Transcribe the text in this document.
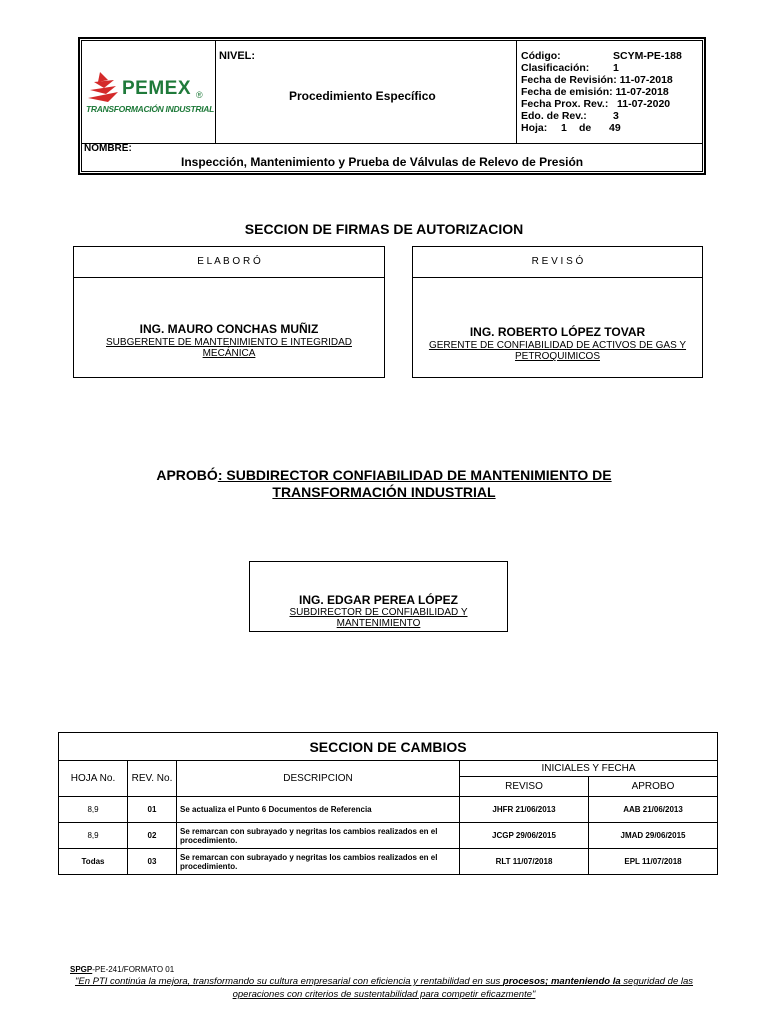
PEMEX ®
TRANSFORMACIÓN INDUSTRIAL
NIVEL:
Procedimiento Específico
Código:	SCYM-PE-188
Clasificación: 1
Fecha de Revisión: 11-07-2018
Fecha de emisión: 11-07-2018
Fecha Prox. Rev.: 11-07-2020
Edo. de Rev.:	3
Hoja: 1 de 49
NOMBRE:
Inspección, Mantenimiento y Prueba de Válvulas de Relevo de Presión
SECCION DE FIRMAS DE AUTORIZACION
E L A B O R Ó
ING. MAURO CONCHAS MUÑIZ
SUBGERENTE DE MANTENIMIENTO E INTEGRIDAD MECÁNICA
R E V I S Ó
ING. ROBERTO LÓPEZ TOVAR
GERENTE DE CONFIABILIDAD DE ACTIVOS DE GAS Y PETROQUIMICOS
APROBÓ: SUBDIRECTOR CONFIABILIDAD DE MANTENIMIENTO DE TRANSFORMACIÓN INDUSTRIAL
ING. EDGAR PEREA LÓPEZ
SUBDIRECTOR DE CONFIABILIDAD Y MANTENIMIENTO
SECCION DE CAMBIOS				
HOJA No.	REV. No.	DESCRIPCION	INICIALES Y FECHA	
			REVISO	APROBO
8,9	01	Se actualiza el Punto 6 Documentos de Referencia	JHFR 21/06/2013	AAB 21/06/2013
8,9	02	Se remarcan con subrayado y negritas los cambios realizados en el procedimiento.	JCGP 29/06/2015	JMAD 29/06/2015
Todas	03	Se remarcan con subrayado y negritas los cambios realizados en el procedimiento.	RLT 11/07/2018	EPL 11/07/2018
SPGP-PE-241/FORMATO 01
"En PTI continúa la mejora, transformando su cultura empresarial con eficiencia y rentabilidad en sus procesos; manteniendo la seguridad de las operaciones con criterios de sustentabilidad para competir eficazmente"
